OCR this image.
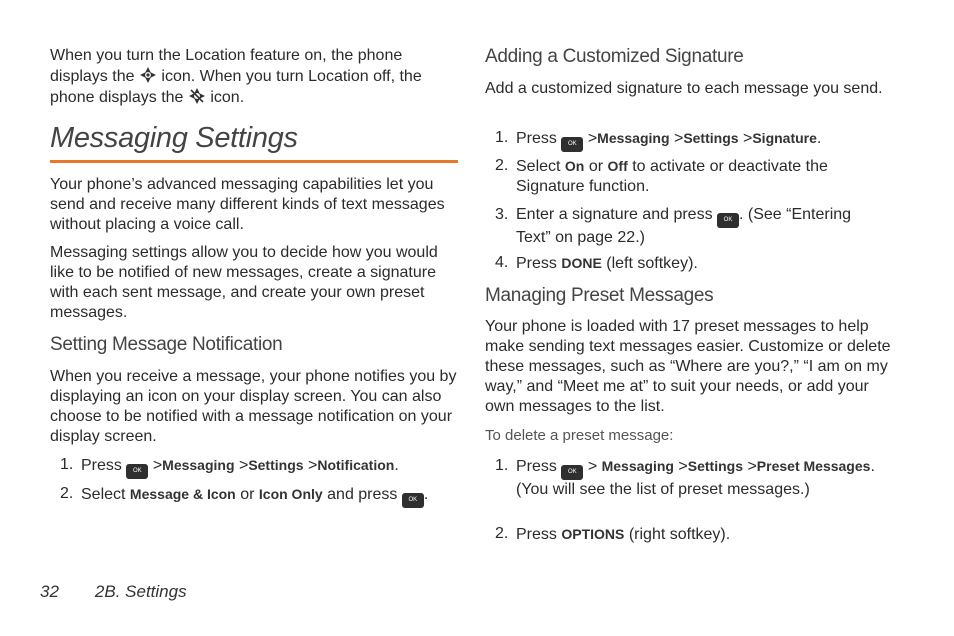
When you turn the Location feature on, the phone displays the icon. When you turn Location off, the phone displays the icon.

Messaging Settings

Your phone’s advanced messaging capabilities let you send and receive many different kinds of text messages without placing a voice call.

Messaging settings allow you to decide how you would like to be notified of new messages, create a signature with each sent message, and create your own preset messages.

Setting Message Notification

When you receive a message, your phone notifies you by displaying an icon on your display screen. You can also choose to be notified with a message notification on your display screen.

1. Press OK >Messaging >Settings >Notification.
2. Select Message & Icon or Icon Only and press OK .
Adding a Customized Signature

Add a customized signature to each message you send.

1. Press OK >Messaging >Settings >Signature.
2. Select On or Off to activate or deactivate the Signature function.
3. Enter a signature and press OK . (See “Entering Text” on page 22.)
4. Press DONE (left softkey).
Managing Preset Messages

Your phone is loaded with 17 preset messages to help make sending text messages easier. Customize or delete these messages, such as “Where are you?,” “I am on my way,” and “Meet me at” to suit your needs, or add your own messages to the list.

To delete a preset message:
1. Press OK > Messaging >Settings >Preset Messages. (You will see the list of preset messages.)
2. Press OPTIONS (right softkey).
32 2B. Settings
